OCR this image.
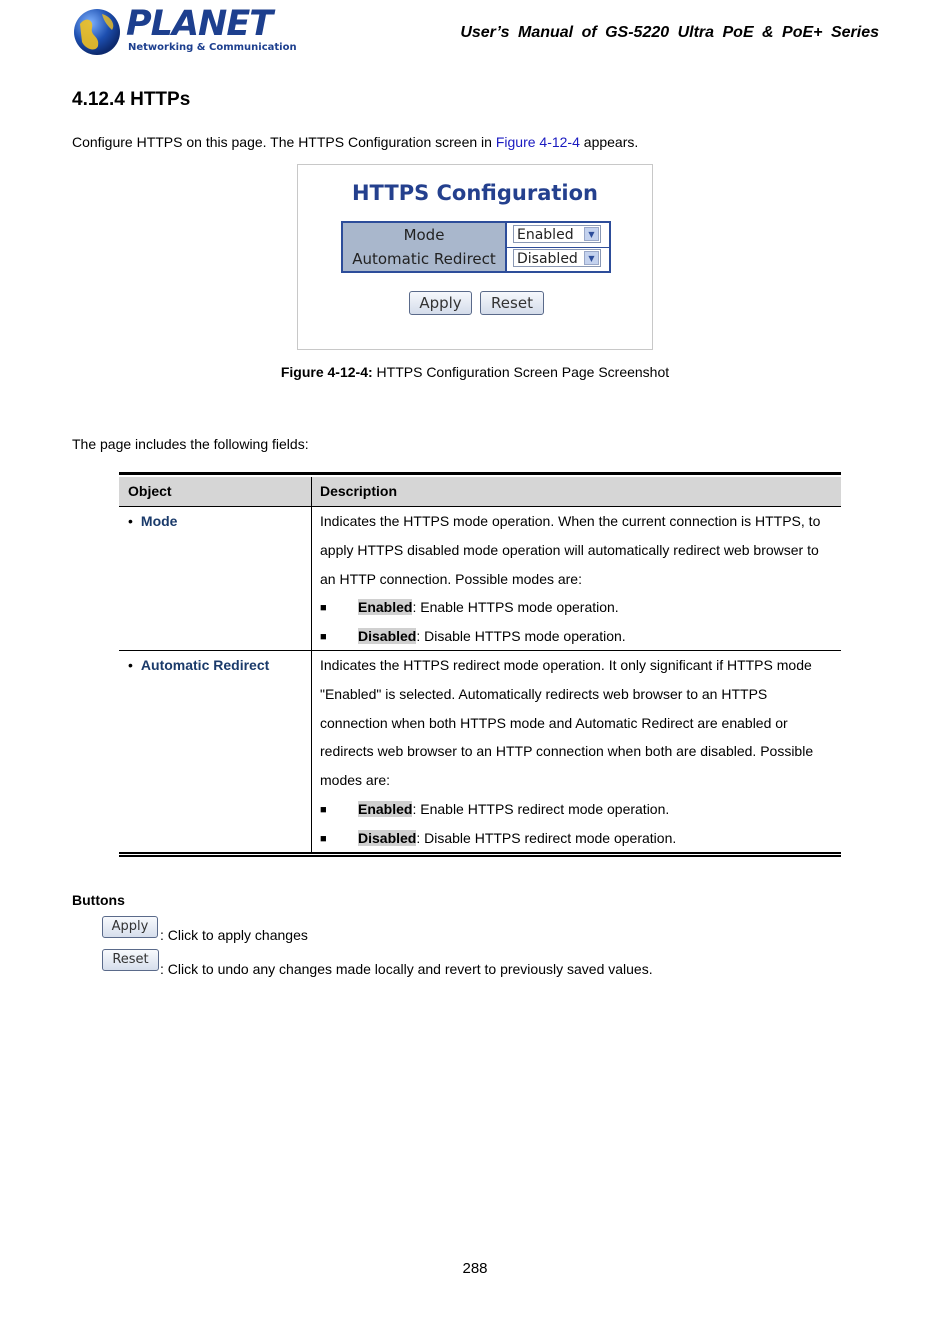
PLANET
Networking & Communication
User’s Manual of GS-5220 Ultra PoE & PoE+ Series
4.12.4 HTTPs
Configure HTTPS on this page. The HTTPS Configuration screen in Figure 4-12-4 appears.
HTTPS Configuration
Mode	Enabled	▼
Automatic Redirect	Disabled	▼
Apply	Reset
Figure 4-12-4: HTTPS Configuration Screen Page Screenshot
The page includes the following fields:
Object	Description
• Mode	Indicates the HTTPS mode operation. When the current connection is HTTPS, to
apply HTTPS disabled mode operation will automatically redirect web browser to
an HTTP connection. Possible modes are:
■ Enabled: Enable HTTPS mode operation.
■ Disabled: Disable HTTPS mode operation.
• Automatic Redirect	Indicates the HTTPS redirect mode operation. It only significant if HTTPS mode
"Enabled" is selected. Automatically redirects web browser to an HTTPS
connection when both HTTPS mode and Automatic Redirect are enabled or
redirects web browser to an HTTP connection when both are disabled. Possible
modes are:
■ Enabled: Enable HTTPS redirect mode operation.
■ Disabled: Disable HTTPS redirect mode operation.
Buttons
Apply
: Click to apply changes
Reset
: Click to undo any changes made locally and revert to previously saved values.
288
